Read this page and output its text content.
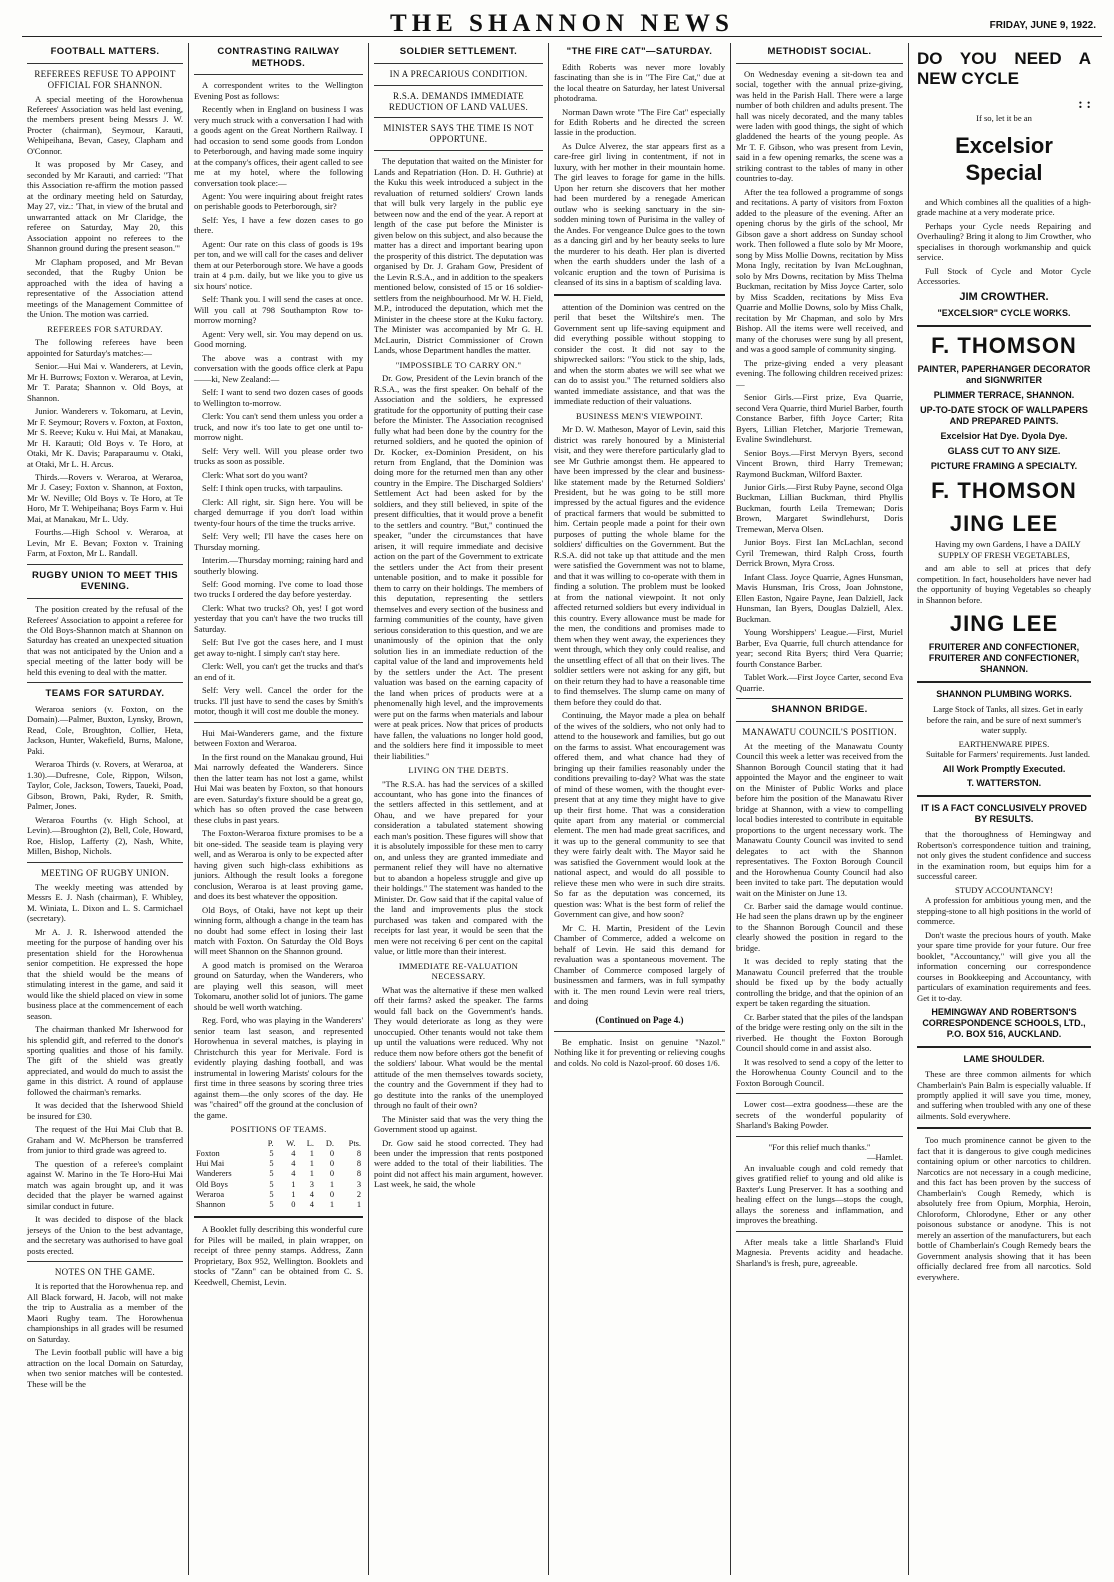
THE SHANNON NEWS	FRIDAY, JUNE 9, 1922.
FOOTBALL MATTERS.
REFEREES REFUSE TO APPOINT OFFICIAL FOR SHANNON.

A special meeting of the Horowhenua Referees' Association was held last evening, the members present being Messrs J. W. Procter (chairman), Seymour, Karauti, Wehipeihana, Bevan, Casey, Clapham and O'Connor.

It was proposed by Mr Casey, and seconded by Mr Karauti, and carried: "That this Association re-affirm the motion passed at the ordinary meeting held on Saturday, May 27, viz.: 'That, in view of the brutal and unwarranted attack on Mr Claridge, the referee on Saturday, May 20, this Association appoint no referees to the Shannon ground during the present season.'"

Mr Clapham proposed, and Mr Bevan seconded, that the Rugby Union be approached with the idea of having a representative of the Association attend meetings of the Management Committee of the Union. The motion was carried.

REFEREES FOR SATURDAY.

The following referees have been appointed for Saturday's matches:—

Senior.—Hui Mai v. Wanderers, at Levin, Mr H. Burrows; Foxton v. Weraroa, at Levin, Mr T. Parata; Shannon v. Old Boys, at Shannon.

Junior. Wanderers v. Tokomaru, at Levin, Mr F. Seymour; Rovers v. Foxton, at Foxton, Mr S. Reeve; Kuku v. Hui Mai, at Manakau, Mr H. Karauti; Old Boys v. Te Horo, at Otaki, Mr K. Davis; Paraparaumu v. Otaki, at Otaki, Mr L. H. Arcus.

Thirds.—Rovers v. Weraroa, at Weraroa, Mr J. Casey; Foxton v. Shannon, at Foxton, Mr W. Neville; Old Boys v. Te Horo, at Te Horo, Mr T. Wehipeihana; Boys Farm v. Hui Mai, at Manakau, Mr L. Udy.

Fourths.—High School v. Weraroa, at Levin, Mr E. Bevan; Foxton v. Training Farm, at Foxton, Mr L. Randall.

RUGBY UNION TO MEET THIS EVENING.

The position created by the refusal of the Referees' Association to appoint a referee for the Old Boys-Shannon match at Shannon on Saturday has created an unexpected situation that was not anticipated by the Union and a special meeting of the latter body will be held this evening to deal with the matter.

TEAMS FOR SATURDAY.

Weraroa seniors (v. Foxton, on the Domain).—Palmer, Buxton, Lynsky, Brown, Read, Cole, Broughton, Collier, Heta, Jackson, Hunter, Wakefield, Burns, Malone, Paki.

Weraroa Thirds (v. Rovers, at Weraroa, at 1.30).—Dufresne, Cole, Rippon, Wilson, Taylor, Cole, Jackson, Towers, Taueki, Poad, Gibson, Brown, Paki, Ryder, R. Smith, Palmer, Jones.

Weraroa Fourths (v. High School, at Levin).—Broughton (2), Bell, Cole, Howard, Roe, Hislop, Lafferty (2), Nash, White, Millen, Bishop, Nichols.

MEETING OF RUGBY UNION.

The weekly meeting was attended by Messrs E. J. Nash (chairman), F. Whibley, M. Winiata, L. Dixon and L. S. Carmichael (secretary).

Mr A. J. R. Isherwood attended the meeting for the purpose of handing over his presentation shield for the Horowhenua senior competition. He expressed the hope that the shield would be the means of stimulating interest in the game, and said it would like the shield placed on view in some business place at the commencement of each season.

The chairman thanked Mr Isherwood for his splendid gift, and referred to the donor's sporting qualities and those of his family. The gift of the shield was greatly appreciated, and would do much to assist the game in this district. A round of applause followed the chairman's remarks.

It was decided that the Isherwood Shield be insured for £30.

The request of the Hui Mai Club that B. Graham and W. McPherson be transferred from junior to third grade was agreed to.

The question of a referee's complaint against W. Marino in the Te Horo-Hui Mai match was again brought up, and it was decided that the player be warned against similar conduct in future.

It was decided to dispose of the black jerseys of the Union to the best advantage, and the secretary was authorised to have goal posts erected.

NOTES ON THE GAME.

It is reported that the Horowhenua rep. and All Black forward, H. Jacob, will not make the trip to Australia as a member of the Maori Rugby team. The Horowhenua championships in all grades will be resumed on Saturday.

The Levin football public will have a big attraction on the local Domain on Saturday, when two senior matches will be contested. These will be the

CONTRASTING RAILWAY METHODS.

A correspondent writes to the Wellington Evening Post as follows:

Recently when in England on business I was very much struck with a conversation I had with a goods agent on the Great Northern Railway. I had occasion to send some goods from London to Peterborough, and having made some inquiry at the company's offices, their agent called to see me at my hotel, where the following conversation took place:—

Agent: You were inquiring about freight rates on perishable goods to Peterborough, sir?

Self: Yes, I have a few dozen cases to go there.

Agent: Our rate on this class of goods is 19s per ton, and we will call for the cases and deliver them at our Peterborough store. We have a goods train at 4 p.m. daily, but we like you to give us six hours' notice.

Self: Thank you. I will send the cases at once. Will you call at 798 Southampton Row to-morrow morning?

Agent: Very well, sir. You may depend on us. Good morning.

The above was a contrast with my conversation with the goods office clerk at Papu——ki, New Zealand:—

Self: I want to send two dozen cases of goods to Wellington to-morrow.

Clerk: You can't send them unless you order a truck, and now it's too late to get one until to-morrow night.

Self: Very well. Will you please order two trucks as soon as possible.

Clerk: What sort do you want?

Self: I think open trucks, with tarpaulins.

Clerk: All right, sir. Sign here. You will be charged demurrage if you don't load within twenty-four hours of the time the trucks arrive.

Self: Very well; I'll have the cases here on Thursday morning.

Interim.—Thursday morning; raining hard and southerly blowing.

Self: Good morning. I've come to load those two trucks I ordered the day before yesterday.

Clerk: What two trucks? Oh, yes! I got word yesterday that you can't have the two trucks till Saturday.

Self: But I've got the cases here, and I must get away to-night. I simply can't stay here.

Clerk: Well, you can't get the trucks and that's an end of it.

Self: Very well. Cancel the order for the trucks. I'll just have to send the cases by Smith's motor, though it will cost me double the money.

Hui Mai-Wanderers game, and the fixture between Foxton and Weraroa.

In the first round on the Manakau ground, Hui Mai narrowly defeated the Wanderers. Since then the latter team has not lost a game, whilst Hui Mai was beaten by Foxton, so that honours are even. Saturday's fixture should be a great go, which has so often proved the case between these clubs in past years.

The Foxton-Weraroa fixture promises to be a bit one-sided. The seaside team is playing very well, and as Weraroa is only to be expected after having given such high-class exhibitions as juniors. Although the result looks a foregone conclusion, Weraroa is at least proving game, and does its best whatever the opposition.

Old Boys, of Otaki, have not kept up their winning form, although a change in the team has no doubt had some effect in losing their last match with Foxton. On Saturday the Old Boys will meet Shannon on the Shannon ground.

A good match is promised on the Weraroa ground on Saturday, when the Wanderers, who are playing well this season, will meet Tokomaru, another solid lot of juniors. The game should be well worth watching.

Reg. Ford, who was playing in the Wanderers' senior team last season, and represented Horowhenua in several matches, is playing in Christchurch this year for Merivale. Ford is evidently playing dashing football, and was instrumental in lowering Marists' colours for the first time in three seasons by scoring three tries against them—the only scores of the day. He was "chaired" off the ground at the conclusion of the game.

POSITIONS OF TEAMS.
	P.	W.	L.	D.	Pts.
Foxton	5	4	1	0	8
Hui Mai	5	4	1	0	8
Wanderers	5	4	1	0	8
Old Boys	5	1	3	1	3
Weraroa	5	1	4	0	2
Shannon	5	0	4	1	1

A Booklet fully describing this wonderful cure for Piles will be mailed, in plain wrapper, on receipt of three penny stamps. Address, Zann Proprietary, Box 952, Wellington. Booklets and stocks of "Zann" can be obtained from C. S. Keedwell, Chemist, Levin.

SOLDIER SETTLEMENT.
IN A PRECARIOUS CONDITION.
R.S.A. DEMANDS IMMEDIATE REDUCTION OF LAND VALUES.
MINISTER SAYS THE TIME IS NOT OPPORTUNE.

The deputation that waited on the Minister for Lands and Repatriation (Hon. D. H. Guthrie) at the Kuku this week introduced a subject in the revaluation of returned soldiers' Crown lands that will bulk very largely in the public eye between now and the end of the year. A report at length of the case put before the Minister is given below on this subject, and also because the matter has a direct and important bearing upon the prosperity of this district. The deputation was organised by Dr. J. Graham Gow, President of the Levin R.S.A., and in addition to the speakers mentioned below, consisted of 15 or 16 soldier-settlers from the neighbourhood. Mr W. H. Field, M.P., introduced the deputation, which met the Minister in the cheese store at the Kuku factory. The Minister was accompanied by Mr G. H. McLaurin, District Commissioner of Crown Lands, whose Department handles the matter.

"IMPOSSIBLE TO CARRY ON."

Dr. Gow, President of the Levin branch of the R.S.A., was the first speaker. On behalf of the Association and the soldiers, he expressed gratitude for the opportunity of putting their case before the Minister. The Association recognised fully what had been done by the country for the returned soldiers, and he quoted the opinion of Dr. Kocker, ex-Dominion President, on his return from England, that the Dominion was doing more for the returned men than any other country in the Empire. The Discharged Soldiers' Settlement Act had been asked for by the soldiers, and they still believed, in spite of the present difficulties, that it would prove a benefit to the settlers and country. "But," continued the speaker, "under the circumstances that have arisen, it will require immediate and decisive action on the part of the Government to extricate the settlers under the Act from their present untenable position, and to make it possible for them to carry on their holdings. The members of this deputation, representing the settlers themselves and every section of the business and farming communities of the county, have given serious consideration to this question, and we are unanimously of the opinion that the only solution lies in an immediate reduction of the capital value of the land and improvements held by the settlers under the Act. The present valuation was based on the earning capacity of the land when prices of products were at a phenomenally high level, and the improvements were put on the farms when materials and labour were at peak prices. Now that prices of products have fallen, the valuations no longer hold good, and the soldiers here find it impossible to meet their liabilities."

LIVING ON THE DEBTS.

"The R.S.A. has had the services of a skilled accountant, who has gone into the finances of the settlers affected in this settlement, and at Ohau, and we have prepared for your consideration a tabulated statement showing each man's position. These figures will show that it is absolutely impossible for these men to carry on, and unless they are granted immediate and permanent relief they will have no alternative but to abandon a hopeless struggle and give up their holdings." The statement was handed to the Minister. Dr. Gow said that if the capital value of the land and improvements plus the stock purchased was taken and compared with the receipts for last year, it would be seen that the men were not receiving 6 per cent on the capital value, or little more than their interest.

IMMEDIATE RE-VALUATION NECESSARY.

What was the alternative if these men walked off their farms? asked the speaker. The farms would fall back on the Government's hands. They would deteriorate as long as they were unoccupied. Other tenants would not take them up until the valuations were reduced. Why not reduce them now before others got the benefit of the soldiers' labour. What would be the mental attitude of the men themselves towards society, the country and the Government if they had to go destitute into the ranks of the unemployed through no fault of their own?

The Minister said that was the very thing the Government stood up against.

Dr. Gow said he stood corrected. They had been under the impression that rents postponed were added to the total of their liabilities. The point did not affect his main argument, however. Last week, he said, the whole

"THE FIRE CAT"—SATURDAY.

Edith Roberts was never more lovably fascinating than she is in "The Fire Cat," due at the local theatre on Saturday, her latest Universal photodrama.

Norman Dawn wrote "The Fire Cat" especially for Edith Roberts and he directed the screen lassie in the production.

As Dulce Alverez, the star appears first as a care-free girl living in contentment, if not in luxury, with her mother in their mountain home. The girl leaves to forage for game in the hills. Upon her return she discovers that her mother had been murdered by a renegade American outlaw who is seeking sanctuary in the sin-sodden mining town of Purisima in the valley of the Andes. For vengeance Dulce goes to the town as a dancing girl and by her beauty seeks to lure the murderer to his death. Her plan is diverted when the earth shudders under the lash of a volcanic eruption and the town of Purisima is cleansed of its sins in a baptism of scalding lava.

attention of the Dominion was centred on the peril that beset the Wiltshire's men. The Government sent up life-saving equipment and did everything possible without stopping to consider the cost. It did not say to the shipwrecked sailors: "You stick to the ship, lads, and when the storm abates we will see what we can do to assist you." The returned soldiers also wanted immediate assistance, and that was the immediate reduction of their valuations.

BUSINESS MEN'S VIEWPOINT.

Mr D. W. Matheson, Mayor of Levin, said this district was rarely honoured by a Ministerial visit, and they were therefore particularly glad to see Mr Guthrie amongst them. He appeared to have been impressed by the clear and business-like statement made by the Returned Soldiers' President, but he was going to be still more impressed by the actual figures and the evidence of practical farmers that would be submitted to him. Certain people made a point for their own purposes of putting the whole blame for the soldiers' difficulties on the Government. But the R.S.A. did not take up that attitude and the men were satisfied the Government was not to blame, and that it was willing to co-operate with them in finding a solution. The problem must be looked at from the national viewpoint. It not only affected returned soldiers but every individual in this country. Every allowance must be made for the men, the conditions and promises made to them when they went away, the experiences they went through, which they only could realise, and the unsettling effect of all that on their lives. The soldier settlers were not asking for any gift, but on their return they had to have a reasonable time to find themselves. The slump came on many of them before they could do that.

Continuing, the Mayor made a plea on behalf of the wives of the soldiers, who not only had to attend to the housework and families, but go out on the farms to assist. What encouragement was offered them, and what chance had they of bringing up their families reasonably under the conditions prevailing to-day? What was the state of mind of these women, with the thought ever-present that at any time they might have to give up their first home. That was a consideration quite apart from any material or commercial element. The men had made great sacrifices, and it was up to the general community to see that they were fairly dealt with. The Mayor said he was satisfied the Government would look at the national aspect, and would do all possible to relieve these men who were in such dire straits. So far as the deputation was concerned, its question was: What is the best form of relief the Government can give, and how soon?

Mr C. H. Martin, President of the Levin Chamber of Commerce, added a welcome on behalf of Levin. He said this demand for revaluation was a spontaneous movement. The Chamber of Commerce composed largely of businessmen and farmers, was in full sympathy with it. The men round Levin were real triers, and doing

(Continued on Page 4.)

Be emphatic. Insist on genuine "Nazol." Nothing like it for preventing or relieving coughs and colds. No cold is Nazol-proof. 60 doses 1/6.

METHODIST SOCIAL.

On Wednesday evening a sit-down tea and social, together with the annual prize-giving, was held in the Parish Hall. There were a large number of both children and adults present. The hall was nicely decorated, and the many tables were laden with good things, the sight of which gladdened the hearts of the young people. As Mr T. F. Gibson, who was present from Levin, said in a few opening remarks, the scene was a striking contrast to the tables of many in other countries to-day.

After the tea followed a programme of songs and recitations. A party of visitors from Foxton added to the pleasure of the evening. After an opening chorus by the girls of the school, Mr Gibson gave a short address on Sunday school work. Then followed a flute solo by Mr Moore, song by Miss Mollie Downs, recitation by Miss Mona Ingly, recitation by Ivan McLoughnan, solo by Mrs Downs, recitation by Miss Thelma Buckman, recitation by Miss Joyce Carter, solo by Miss Scadden, recitations by Miss Eva Quarrie and Mollie Downs, solo by Miss Chalk, recitation by Mr Chapman, and solo by Mrs Bishop. All the items were well received, and many of the choruses were sung by all present, and was a good sample of community singing.

The prize-giving ended a very pleasant evening. The following children received prizes:—

Senior Girls.—First prize, Eva Quarrie, second Vera Quarrie, third Muriel Barber, fourth Constance Barber, fifth Joyce Carter; Rita Byers, Lillian Fletcher, Marjorie Tremewan, Evaline Swindlehurst.

Senior Boys.—First Mervyn Byers, second Vincent Brown, third Harry Tremewan; Raymond Buckman, Wilford Baxter.

Junior Girls.—First Ruby Payne, second Olga Buckman, Lillian Buckman, third Phyllis Buckman, fourth Leila Tremewan; Doris Brown, Margaret Swindlehurst, Doris Tremewan, Merva Olsen.

Junior Boys. First Ian McLachlan, second Cyril Tremewan, third Ralph Cross, fourth Derrick Brown, Myra Cross.

Infant Class. Joyce Quarrie, Agnes Hunsman, Mavis Hunsman, Iris Cross, Joan Johnstone, Ellen Easton, Ngaire Payne, Jean Dalziell, Jack Hunsman, Ian Byers, Douglas Dalziell, Alex. Buckman.

Young Worshippers' League.—First, Muriel Barber, Eva Quarrie, full church attendance for year; second Rita Byers; third Vera Quarrie; fourth Constance Barber.

Tablet Work.—First Joyce Carter, second Eva Quarrie.

SHANNON BRIDGE.
MANAWATU COUNCIL'S POSITION.

At the meeting of the Manawatu County Council this week a letter was received from the Shannon Borough Council stating that it had appointed the Mayor and the engineer to wait on the Minister of Public Works and place before him the position of the Manawatu River bridge at Shannon, with a view to compelling local bodies interested to contribute in equitable proportions to the urgent necessary work. The Manawatu County Council was invited to send delegates to act with the Shannon representatives. The Foxton Borough Council and the Horowhenua County Council had also been invited to take part. The deputation would wait on the Minister on June 13.

Cr. Barber said the damage would continue. He had seen the plans drawn up by the engineer to the Shannon Borough Council and these clearly showed the position in regard to the bridge.

It was decided to reply stating that the Manawatu Council preferred that the trouble should be fixed up by the body actually controlling the bridge, and that the opinion of an expert be taken regarding the situation.

Cr. Barber stated that the piles of the landspan of the bridge were resting only on the silt in the riverbed. He thought the Foxton Borough Council should come in and assist also.

It was resolved to send a copy of the letter to the Horowhenua County Council and to the Foxton Borough Council.

Lower cost—extra goodness—these are the secrets of the wonderful popularity of Sharland's Baking Powder.

"For this relief much thanks."
—Hamlet.

An invaluable cough and cold remedy that gives gratified relief to young and old alike is Baxter's Lung Preserver. It has a soothing and healing effect on the lungs—stops the cough, allays the soreness and inflammation, and improves the breathing.

After meals take a little Sharland's Fluid Magnesia. Prevents acidity and headache. Sharland's is fresh, pure, agreeable.

DO YOU NEED A NEW CYCLE
: :
If so, let it be an
Excelsior Special

and Which combines all the qualities of a high-grade machine at a very moderate price.

Perhaps your Cycle needs Repairing and Overhauling? Bring it along to Jim Crowther, who specialises in thorough workmanship and quick service.

Full Stock of Cycle and Motor Cycle Accessories.

JIM CROWTHER.
"EXCELSIOR" CYCLE WORKS.
F. THOMSON
PAINTER, PAPERHANGER DECORATOR and SIGNWRITER
PLIMMER TERRACE, SHANNON.
UP-TO-DATE STOCK OF WALLPAPERS AND PREPARED PAINTS.
Excelsior Hat Dye. Dyola Dye.
GLASS CUT TO ANY SIZE.
PICTURE FRAMING A SPECIALTY.
F. THOMSON
JING LEE

Having my own Gardens, I have a DAILY SUPPLY OF FRESH VEGETABLES,

and am able to sell at prices that defy competition. In fact, householders have never had the opportunity of buying Vegetables so cheaply in Shannon before.

JING LEE
FRUITERER AND CONFECTIONER, FRUITERER AND CONFECTIONER, SHANNON.
SHANNON PLUMBING WORKS.

Large Stock of Tanks, all sizes. Get in early before the rain, and be sure of next summer's water supply.

EARTHENWARE PIPES.

Suitable for Farmers' requirements. Just landed.

All Work Promptly Executed.
T. WATTERSTON.
IT IS A FACT CONCLUSIVELY PROVED BY RESULTS.

that the thoroughness of Hemingway and Robertson's correspondence tuition and training, not only gives the student confidence and success in the examination room, but equips him for a successful career.

STUDY ACCOUNTANCY!

A profession for ambitious young men, and the stepping-stone to all high positions in the world of commerce.

Don't waste the precious hours of youth. Make your spare time provide for your future. Our free booklet, "Accountancy," will give you all the information concerning our correspondence courses in Bookkeeping and Accountancy, with particulars of examination requirements and fees. Get it to-day.

HEMINGWAY AND ROBERTSON'S CORRESPONDENCE SCHOOLS, LTD., P.O. BOX 516, AUCKLAND.
LAME SHOULDER.

These are three common ailments for which Chamberlain's Pain Balm is especially valuable. If promptly applied it will save you time, money, and suffering when troubled with any one of these ailments. Sold everywhere.

Too much prominence cannot be given to the fact that it is dangerous to give cough medicines containing opium or other narcotics to children. Narcotics are not necessary in a cough medicine, and this fact has been proven by the success of Chamberlain's Cough Remedy, which is absolutely free from Opium, Morphia, Heroin, Chloroform, Chlorodyne, Ether or any other poisonous substance or anodyne. This is not merely an assertion of the manufacturers, but each bottle of Chamberlain's Cough Remedy bears the Government analysis showing that it has been officially declared free from all narcotics. Sold everywhere.
